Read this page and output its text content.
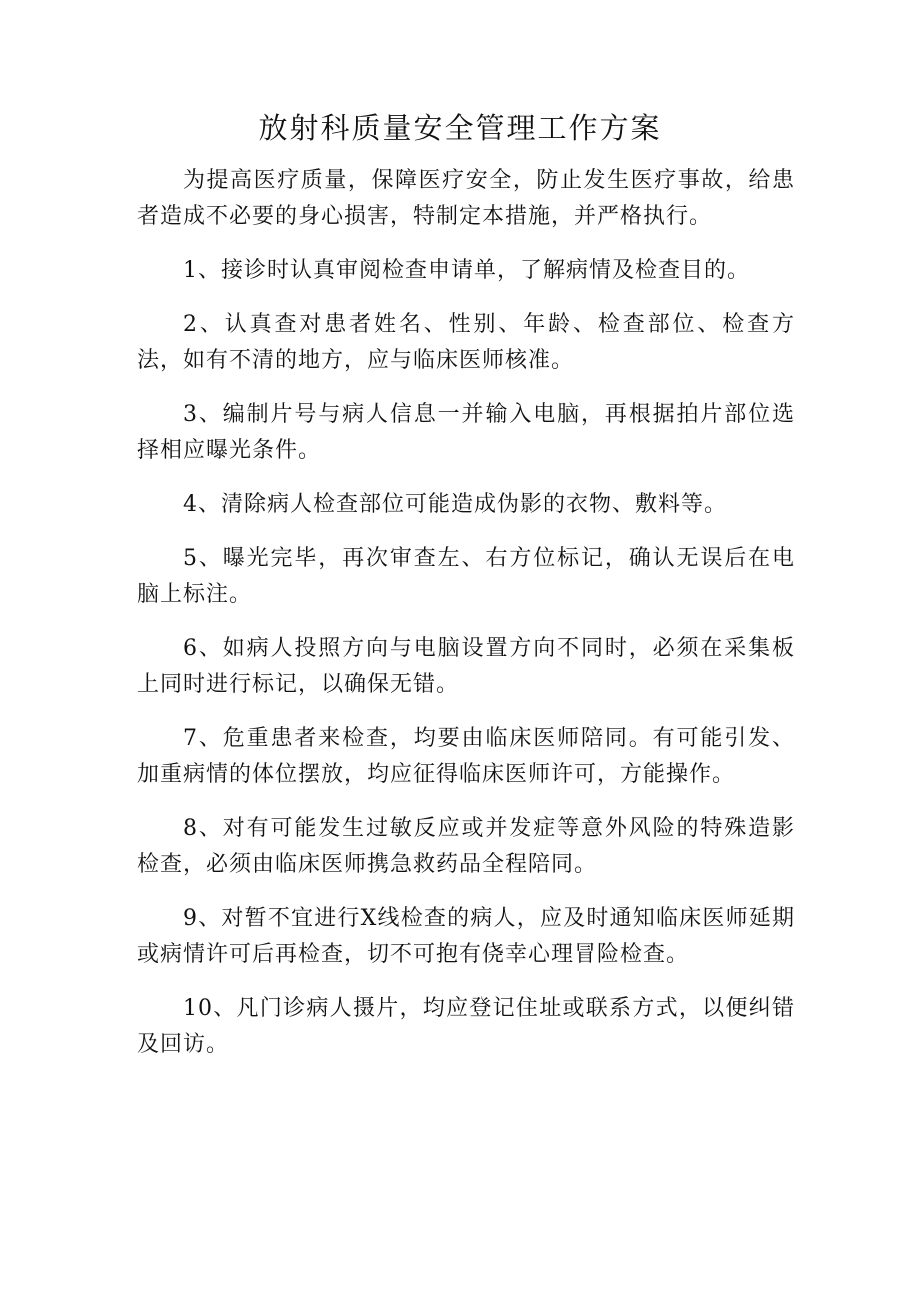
放射科质量安全管理工作方案

为提高医疗质量，保障医疗安全，防止发生医疗事故，给患者造成不必要的身心损害，特制定本措施，并严格执行。

1、接诊时认真审阅检查申请单，了解病情及检查目的。

2、认真查对患者姓名、性别、年龄、检查部位、检查方法，如有不清的地方，应与临床医师核准。

3、编制片号与病人信息一并输入电脑，再根据拍片部位选择相应曝光条件。

4、清除病人检查部位可能造成伪影的衣物、敷料等。

5、曝光完毕，再次审查左、右方位标记，确认无误后在电脑上标注。

6、如病人投照方向与电脑设置方向不同时，必须在采集板上同时进行标记，以确保无错。

7、危重患者来检查，均要由临床医师陪同。有可能引发、加重病情的体位摆放，均应征得临床医师许可，方能操作。

8、对有可能发生过敏反应或并发症等意外风险的特殊造影检查，必须由临床医师携急救药品全程陪同。

9、对暂不宜进行X线检查的病人，应及时通知临床医师延期或病情许可后再检查，切不可抱有侥幸心理冒险检查。

10、凡门诊病人摄片，均应登记住址或联系方式，以便纠错及回访。
